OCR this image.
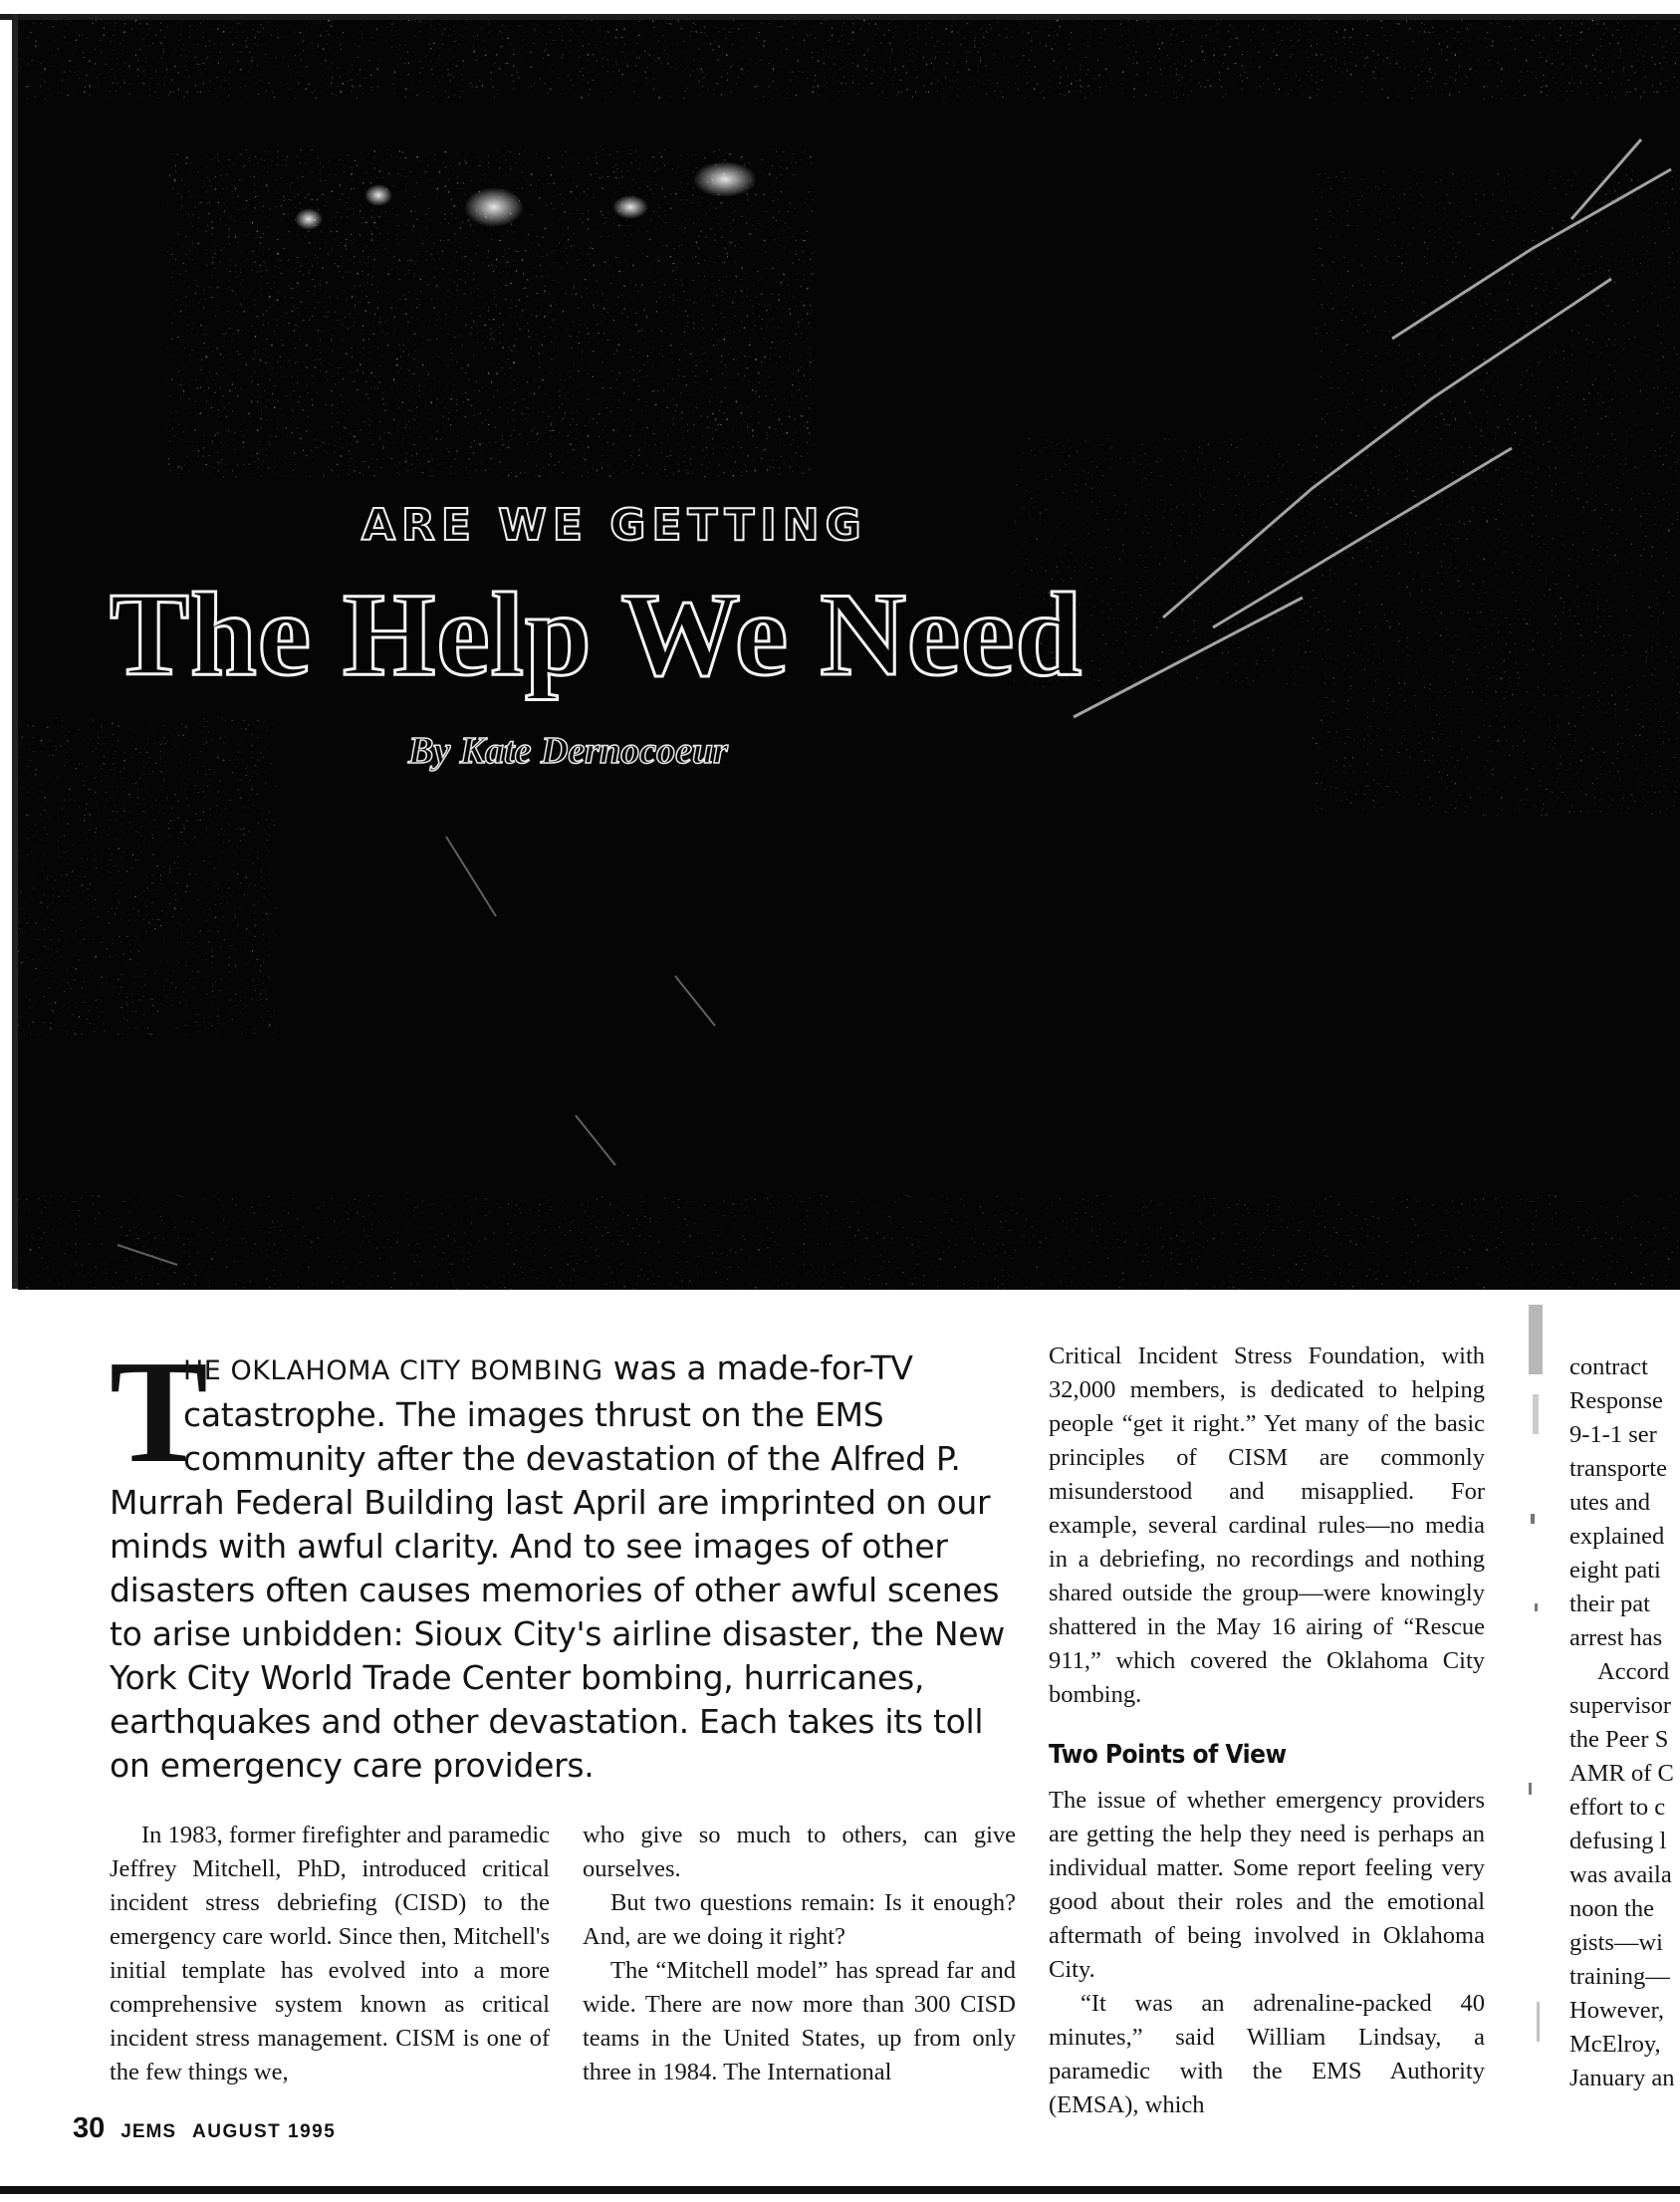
ARE WE GETTING
The Help We Need
By Kate Dernocoeur
T
HE OKLAHOMA CITY BOMBING was a made-for-TV catastrophe. The images thrust on the EMS community after the devastation of the Alfred P. Murrah Federal Building last April are imprinted on our minds with awful clarity. And to see images of other disasters often causes memories of other awful scenes to arise unbidden: Sioux City's airline disaster, the New York City World Trade Center bombing, hurricanes, earthquakes and other devastation. Each takes its toll on emergency care providers.

In 1983, former firefighter and paramedic Jeffrey Mitchell, PhD, introduced critical incident stress debriefing (CISD) to the emergency care world. Since then, Mitchell's initial template has evolved into a more comprehensive system known as critical incident stress management. CISM is one of the few things we,

who give so much to others, can give ourselves.

But two questions remain: Is it enough? And, are we doing it right?

The “Mitchell model” has spread far and wide. There are now more than 300 CISD teams in the United States, up from only three in 1984. The International

Critical Incident Stress Foundation, with 32,000 members, is dedicated to helping people “get it right.” Yet many of the basic principles of CISM are commonly misunderstood and misapplied. For example, several cardinal rules—no media in a debriefing, no recordings and nothing shared outside the group—were knowingly shattered in the May 16 airing of “Rescue 911,” which covered the Oklahoma City bombing.

Two Points of View

The issue of whether emergency providers are getting the help they need is perhaps an individual matter. Some report feeling very good about their roles and the emotional aftermath of being involved in Oklahoma City.

“It was an adrenaline-packed 40 minutes,” said William Lindsay, a paramedic with the EMS Authority (EMSA), which

contract
Response
9-1-1 ser
transporte
utes and
explained
eight pati
their pat
arrest has
Accord
supervisor
the Peer S
AMR of C
effort to c
defusing l
was availa
noon the
gists—wi
training—
However,
McElroy,
January an
30 JEMS AUGUST 1995
